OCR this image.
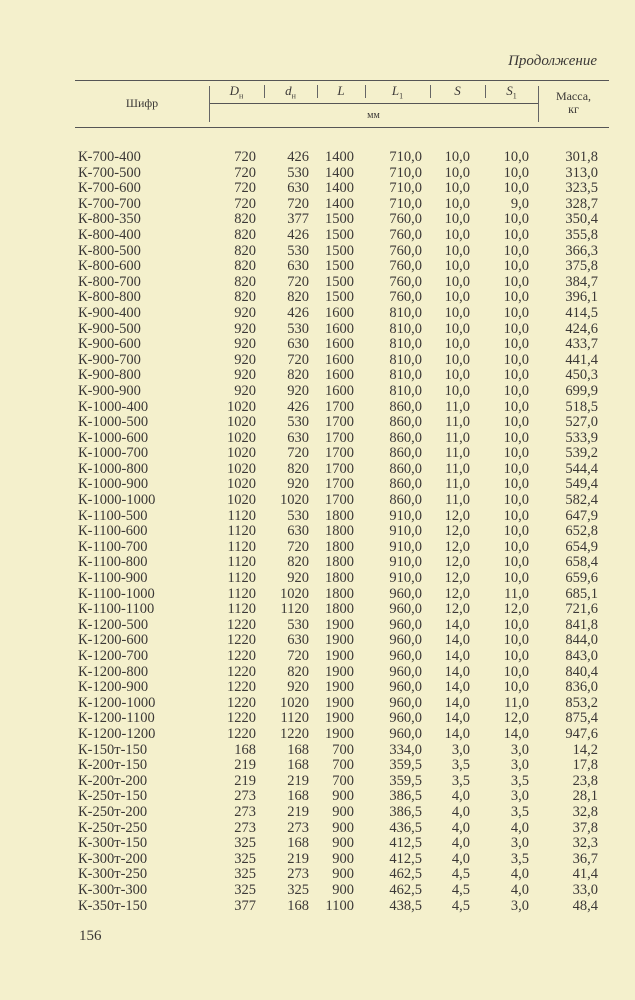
Продолжение
Шифр
$D_н$	$d_н$	L	$L_1$	S	$S_1$
мм
Масса,
кг
К-700-400	720 426 1400 710,0 10,0 10,0	301,8
К-700-500	720 530 1400 710,0 10,0 10,0	313,0
К-700-600	720 630 1400 710,0 10,0 10,0	323,5
К-700-700	720 720 1400 710,0 10,0	9,0	328,7
К-800-350	820 377 1500 760,0 10,0 10,0	350,4
К-800-400	820 426 1500 760,0 10,0 10,0	355,8
К-800-500	820 530 1500 760,0 10,0 10,0	366,3
К-800-600	820 630 1500 760,0 10,0 10,0	375,8
К-800-700	820 720 1500 760,0 10,0 10,0	384,7
К-800-800	820 820 1500 760,0 10,0 10,0	396,1
К-900-400	920 426 1600 810,0 10,0 10,0	414,5
К-900-500	920 530 1600 810,0 10,0 10,0	424,6
К-900-600	920 630 1600 810,0 10,0 10,0	433,7
К-900-700	920 720 1600 810,0 10,0 10,0	441,4
К-900-800	920 820 1600 810,0 10,0 10,0	450,3
К-900-900	920 920 1600 810,0 10,0 10,0	699,9
К-1000-400	1020 426 1700 860,0 11,0 10,0	518,5
К-1000-500	1020 530 1700 860,0 11,0 10,0	527,0
К-1000-600	1020 630 1700 860,0 11,0 10,0	533,9
К-1000-700	1020 720 1700 860,0 11,0 10,0	539,2
К-1000-800	1020 820 1700 860,0 11,0 10,0	544,4
К-1000-900	1020 920 1700 860,0 11,0 10,0	549,4
К-1000-1000	1020 1020 1700 860,0 11,0 10,0	582,4
К-1100-500	1120 530 1800 910,0 12,0 10,0	647,9
К-1100-600	1120 630 1800 910,0 12,0 10,0	652,8
К-1100-700	1120 720 1800 910,0 12,0 10,0	654,9
К-1100-800	1120 820 1800 910,0 12,0 10,0	658,4
К-1100-900	1120 920 1800 910,0 12,0 10,0	659,6
К-1100-1000	1120 1020 1800 960,0 12,0 11,0	685,1
К-1100-1100	1120 1120 1800 960,0 12,0 12,0	721,6
К-1200-500	1220 530 1900 960,0 14,0 10,0	841,8
К-1200-600	1220 630 1900 960,0 14,0 10,0	844,0
К-1200-700	1220 720 1900 960,0 14,0 10,0	843,0
К-1200-800	1220 820 1900 960,0 14,0 10,0	840,4
К-1200-900	1220 920 1900 960,0 14,0 10,0	836,0
К-1200-1000	1220 1020 1900 960,0 14,0 11,0	853,2
К-1200-1100	1220 1120 1900 960,0 14,0 12,0	875,4
К-1200-1200	1220 1220 1900 960,0 14,0 14,0	947,6
К-150т-150	168 168 700 334,0 3,0	3,0	14,2
К-200т-150	219 168 700 359,5 3,5	3,0	17,8
К-200т-200	219 219 700 359,5 3,5	3,5	23,8
К-250т-150	273 168 900 386,5 4,0	3,0	28,1
К-250т-200	273 219 900 386,5 4,0	3,5	32,8
К-250т-250	273 273 900 436,5 4,0	4,0	37,8
К-300т-150	325 168 900 412,5 4,0	3,0	32,3
К-300т-200	325 219 900 412,5 4,0	3,5	36,7
К-300т-250	325 273 900 462,5 4,5	4,0	41,4
К-300т-300	325 325 900 462,5 4,5	4,0	33,0
К-350т-150	377 168 1100 438,5 4,5	3,0	48,4
156
